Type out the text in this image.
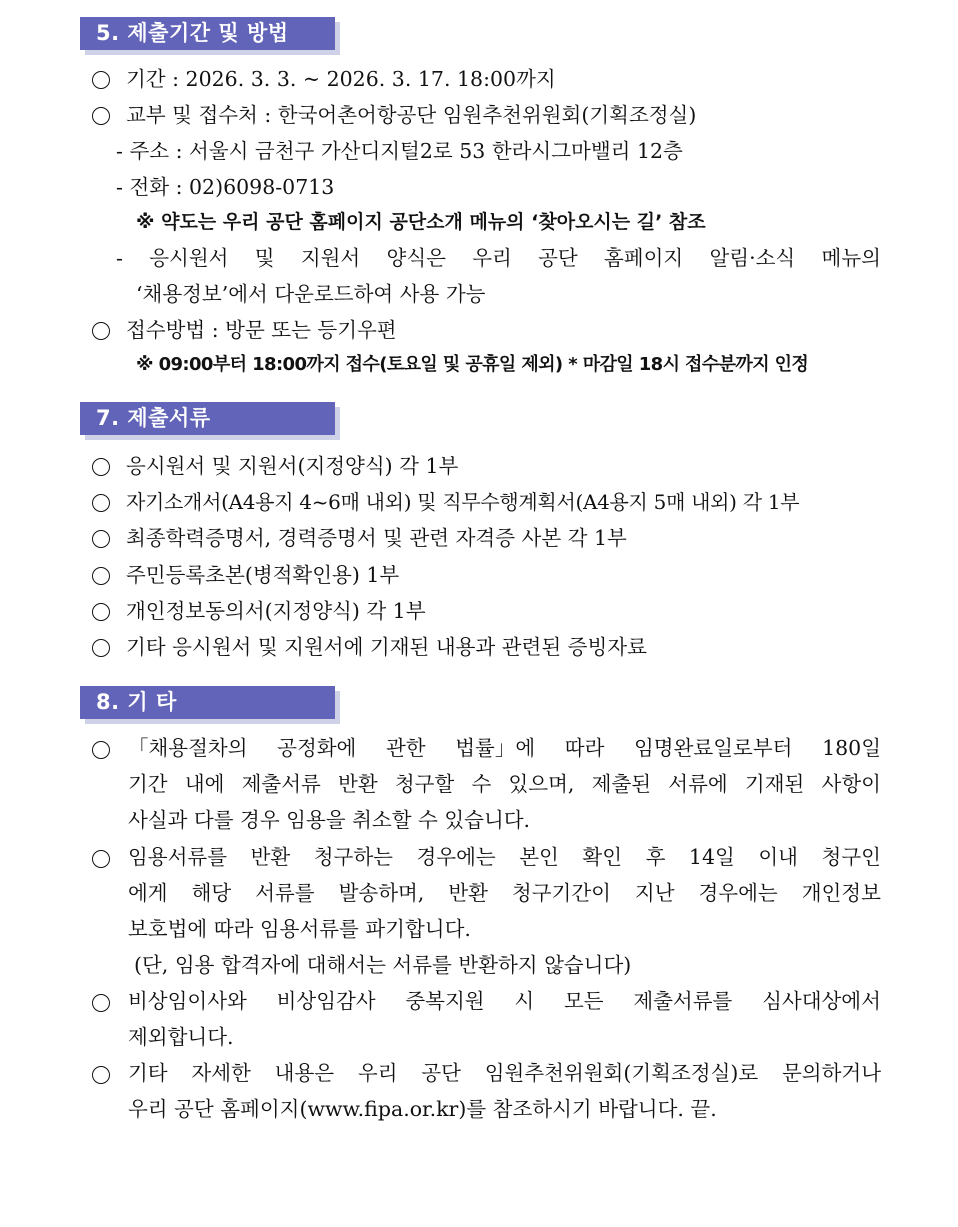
5. 제출기간 및 방법
기간 : 2026. 3. 3. ~ 2026. 3. 17. 18:00까지
교부 및 접수처 : 한국어촌어항공단 임원추천위원회(기획조정실)
- 주소 : 서울시 금천구 가산디지털2로 53 한라시그마밸리 12층
- 전화 : 02)6098-0713
※ 약도는 우리 공단 홈페이지 공단소개 메뉴의 ‘찾아오시는 길’ 참조
- 응시원서 및 지원서 양식은 우리 공단 홈페이지 알림·소식 메뉴의
‘채용정보’에서 다운로드하여 사용 가능
접수방법 : 방문 또는 등기우편
※ 09:00부터 18:00까지 접수(토요일 및 공휴일 제외) * 마감일 18시 접수분까지 인정
7. 제출서류
응시원서 및 지원서(지정양식) 각 1부
자기소개서(A4용지 4~6매 내외) 및 직무수행계획서(A4용지 5매 내외) 각 1부
최종학력증명서, 경력증명서 및 관련 자격증 사본 각 1부
주민등록초본(병적확인용) 1부
개인정보동의서(지정양식) 각 1부
기타 응시원서 및 지원서에 기재된 내용과 관련된 증빙자료
8. 기 타
「채용절차의 공정화에 관한 법률」에 따라 임명완료일로부터 180일
기간 내에 제출서류 반환 청구할 수 있으며, 제출된 서류에 기재된 사항이
사실과 다를 경우 임용을 취소할 수 있습니다.
임용서류를 반환 청구하는 경우에는 본인 확인 후 14일 이내 청구인
에게 해당 서류를 발송하며, 반환 청구기간이 지난 경우에는 개인정보
보호법에 따라 임용서류를 파기합니다.
(단, 임용 합격자에 대해서는 서류를 반환하지 않습니다)
비상임이사와 비상임감사 중복지원 시 모든 제출서류를 심사대상에서
제외합니다.
기타 자세한 내용은 우리 공단 임원추천위원회(기획조정실)로 문의하거나
우리 공단 홈페이지(www.fipa.or.kr)를 참조하시기 바랍니다. 끝.
